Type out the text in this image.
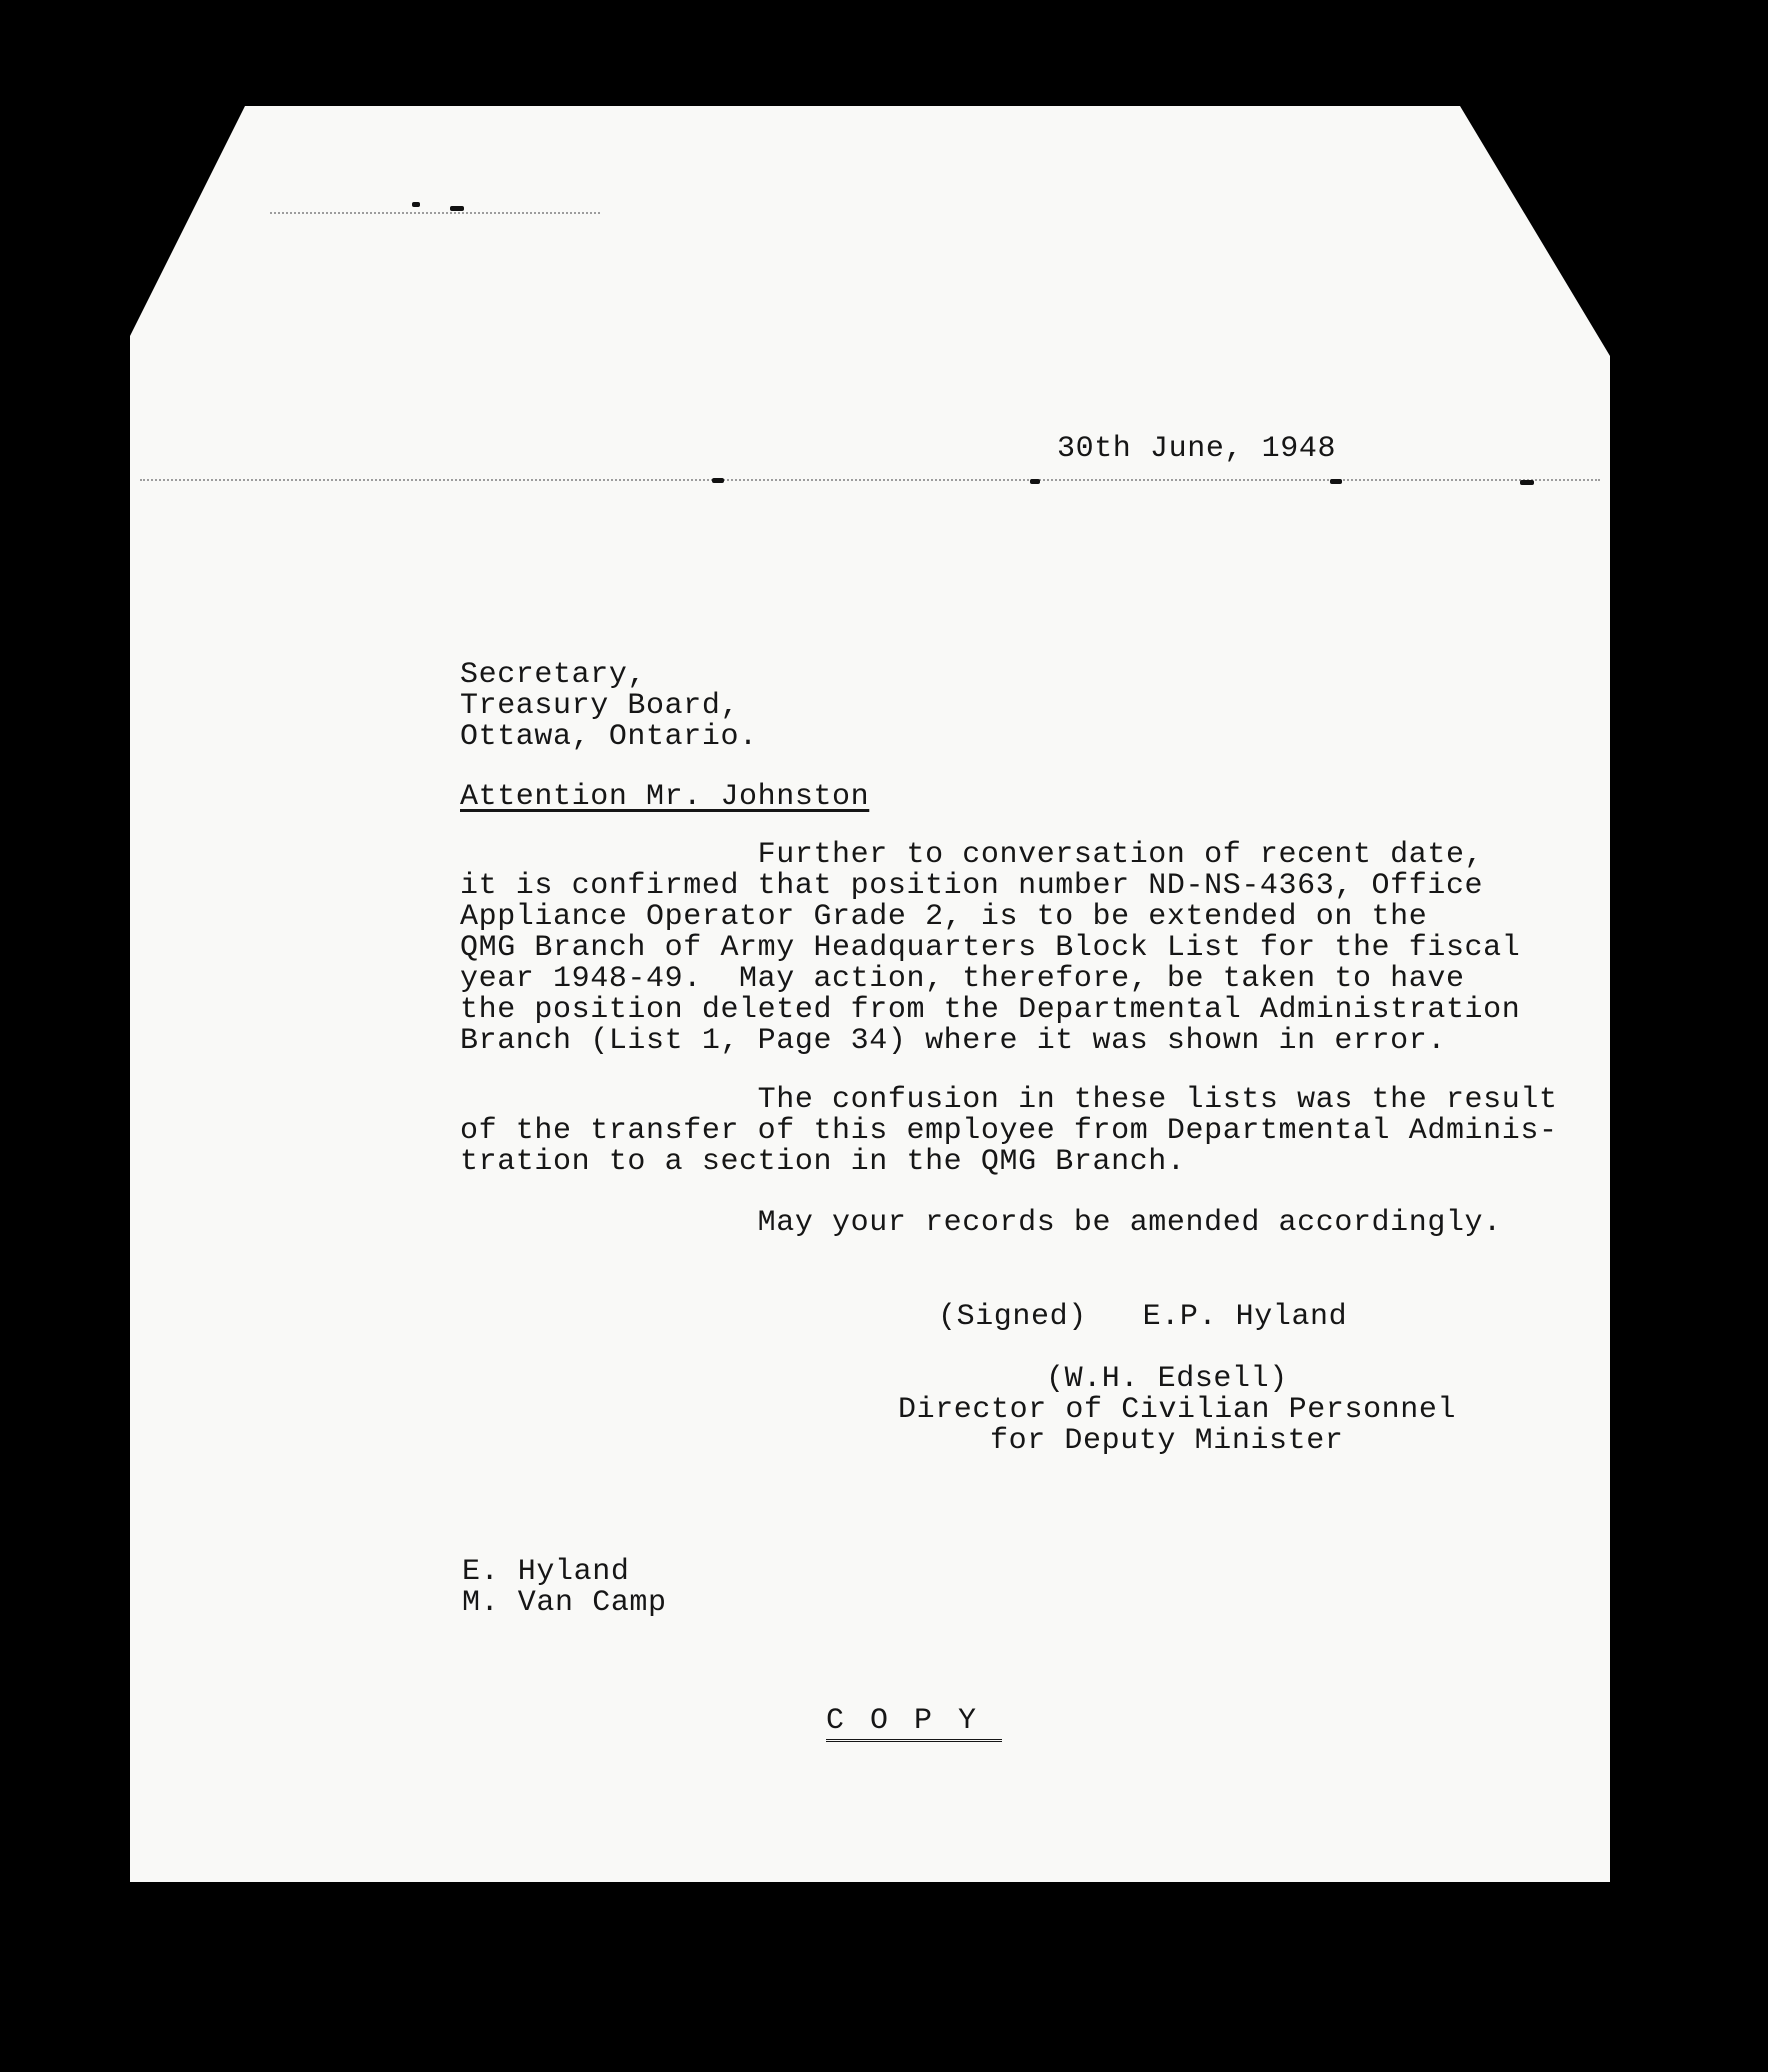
30th June, 1948

Secretary,

Treasury Board,

Ottawa, Ontario.

Attention Mr. Johnston

Further to conversation of recent date,

it is confirmed that position number ND-NS-4363, Office

Appliance Operator Grade 2, is to be extended on the

QMG Branch of Army Headquarters Block List for the fiscal

year 1948-49.  May action, therefore, be taken to have

the position deleted from the Departmental Administration

Branch (List 1, Page 34) where it was shown in error.

The confusion in these lists was the result

of the transfer of this employee from Departmental Adminis-

tration to a section in the QMG Branch.

May your records be amended accordingly.

(Signed)   E.P. Hyland

(W.H. Edsell)

Director of Civilian Personnel

for Deputy Minister

E. Hyland

M. Van Camp

COPY
